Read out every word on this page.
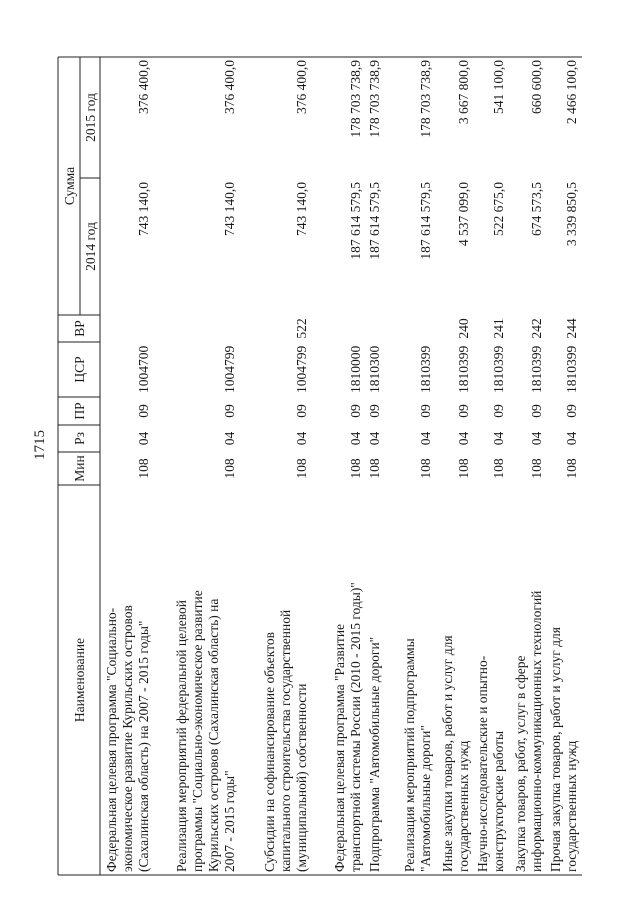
1715
Наименование
Мин
Рз
ПР
ЦСР
ВР
Сумма
2014 год
2015 год
Федеральная целевая программа "Социально- экономическое развитие Курильских островов (Сахалинская область) на 2007 - 2015 годы"
108
04
09
1004700
743 140,0
376 400,0
Реализация мероприятий федеральной целевой программы "Социально-экономическое развитие Курильских островов (Сахалинская область) на 2007 - 2015 годы"
108
04
09
1004799
743 140,0
376 400,0
Субсидии на софинансирование объектов капитального строительства государственной (муниципальной) собственности
108
04
09
1004799
522
743 140,0
376 400,0
Федеральная целевая программа "Развитие транспортной системы России (2010 - 2015 годы)"
108
04
09
1810000
187 614 579,5
178 703 738,9
Подпрограмма "Автомобильные дороги"
108
04
09
1810300
187 614 579,5
178 703 738,9
Реализация мероприятий подпрограммы "Автомобильные дороги"
108
04
09
1810399
187 614 579,5
178 703 738,9
Иные закупки товаров, работ и услуг для государственных нужд
108
04
09
1810399
240
4 537 099,0
3 667 800,0
Научно-исследовательские и опытно- конструкторские работы
108
04
09
1810399
241
522 675,0
541 100,0
Закупка товаров, работ, услуг в сфере информационно-коммуникационных технологий
108
04
09
1810399
242
674 573,5
660 600,0
Прочая закупка товаров, работ и услуг для государственных нужд
108
04
09
1810399
244
3 339 850,5
2 466 100,0
